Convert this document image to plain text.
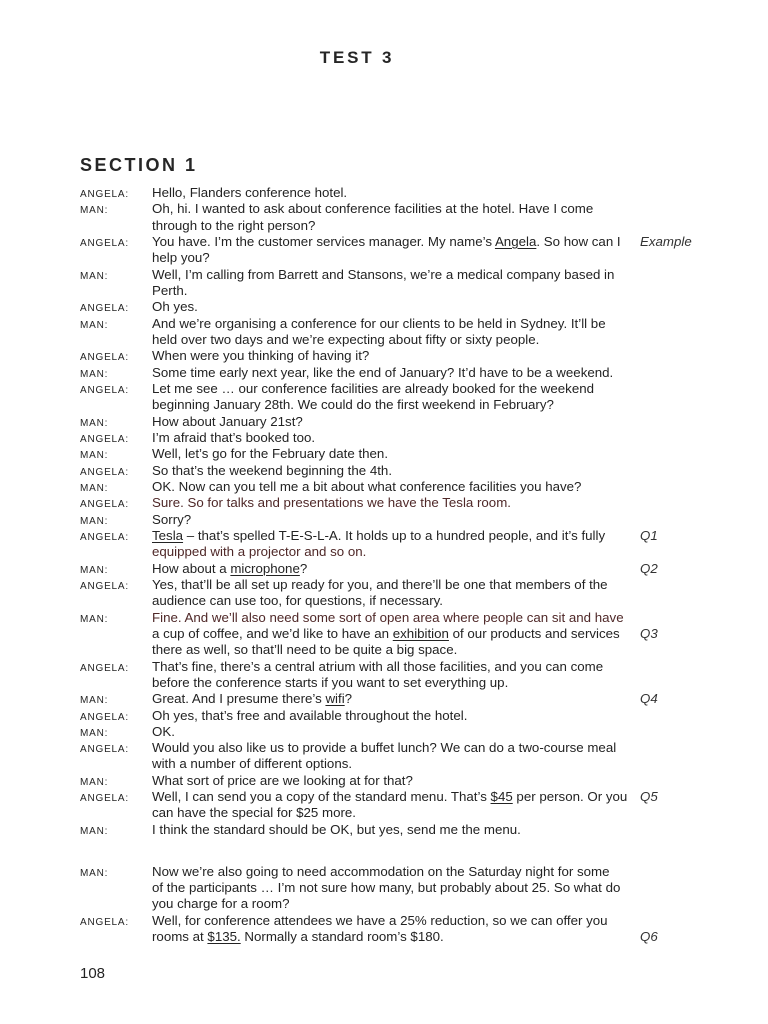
TEST 3
SECTION 1
ANGELA: Hello, Flanders conference hotel.
MAN:	Oh, hi. I wanted to ask about conference facilities at the hotel. Have I come
through to the right person?
ANGELA: You have. I’m the customer services manager. My name’s Angela. So how can I Example
help you?
MAN:	Well, I’m calling from Barrett and Stansons, we’re a medical company based in
Perth.
ANGELA: Oh yes.
MAN:	And we’re organising a conference for our clients to be held in Sydney. It’ll be
held over two days and we’re expecting about fifty or sixty people.
ANGELA: When were you thinking of having it?
MAN:	Some time early next year, like the end of January? It’d have to be a weekend.
ANGELA: Let me see … our conference facilities are already booked for the weekend
beginning January 28th. We could do the first weekend in February?
MAN:	How about January 21st?
ANGELA: I’m afraid that’s booked too.
MAN:	Well, let’s go for the February date then.
ANGELA: So that’s the weekend beginning the 4th.
MAN:	OK. Now can you tell me a bit about what conference facilities you have?
ANGELA: Sure. So for talks and presentations we have the Tesla room.
MAN:	Sorry?
ANGELA: Tesla – that’s spelled T-E-S-L-A. It holds up to a hundred people, and it’s fully	Q1
equipped with a projector and so on.
MAN:	How about a microphone?	Q2
ANGELA: Yes, that’ll be all set up ready for you, and there’ll be one that members of the
audience can use too, for questions, if necessary.
MAN:	Fine. And we’ll also need some sort of open area where people can sit and have
a cup of coffee, and we’d like to have an exhibition of our products and services Q3
there as well, so that’ll need to be quite a big space.
ANGELA: That’s fine, there’s a central atrium with all those facilities, and you can come
before the conference starts if you want to set everything up.
MAN:	Great. And I presume there’s wifi?	Q4
ANGELA: Oh yes, that’s free and available throughout the hotel.
MAN:	OK.
ANGELA: Would you also like us to provide a buffet lunch? We can do a two-course meal
with a number of different options.
MAN:	What sort of price are we looking at for that?
ANGELA: Well, I can send you a copy of the standard menu. That’s $45 per person. Or you Q5
can have the special for $25 more.
MAN:	I think the standard should be OK, but yes, send me the menu.
MAN:	Now we’re also going to need accommodation on the Saturday night for some
of the participants … I’m not sure how many, but probably about 25. So what do
you charge for a room?
ANGELA: Well, for conference attendees we have a 25% reduction, so we can offer you
rooms at $135. Normally a standard room’s $180.	Q6
108
